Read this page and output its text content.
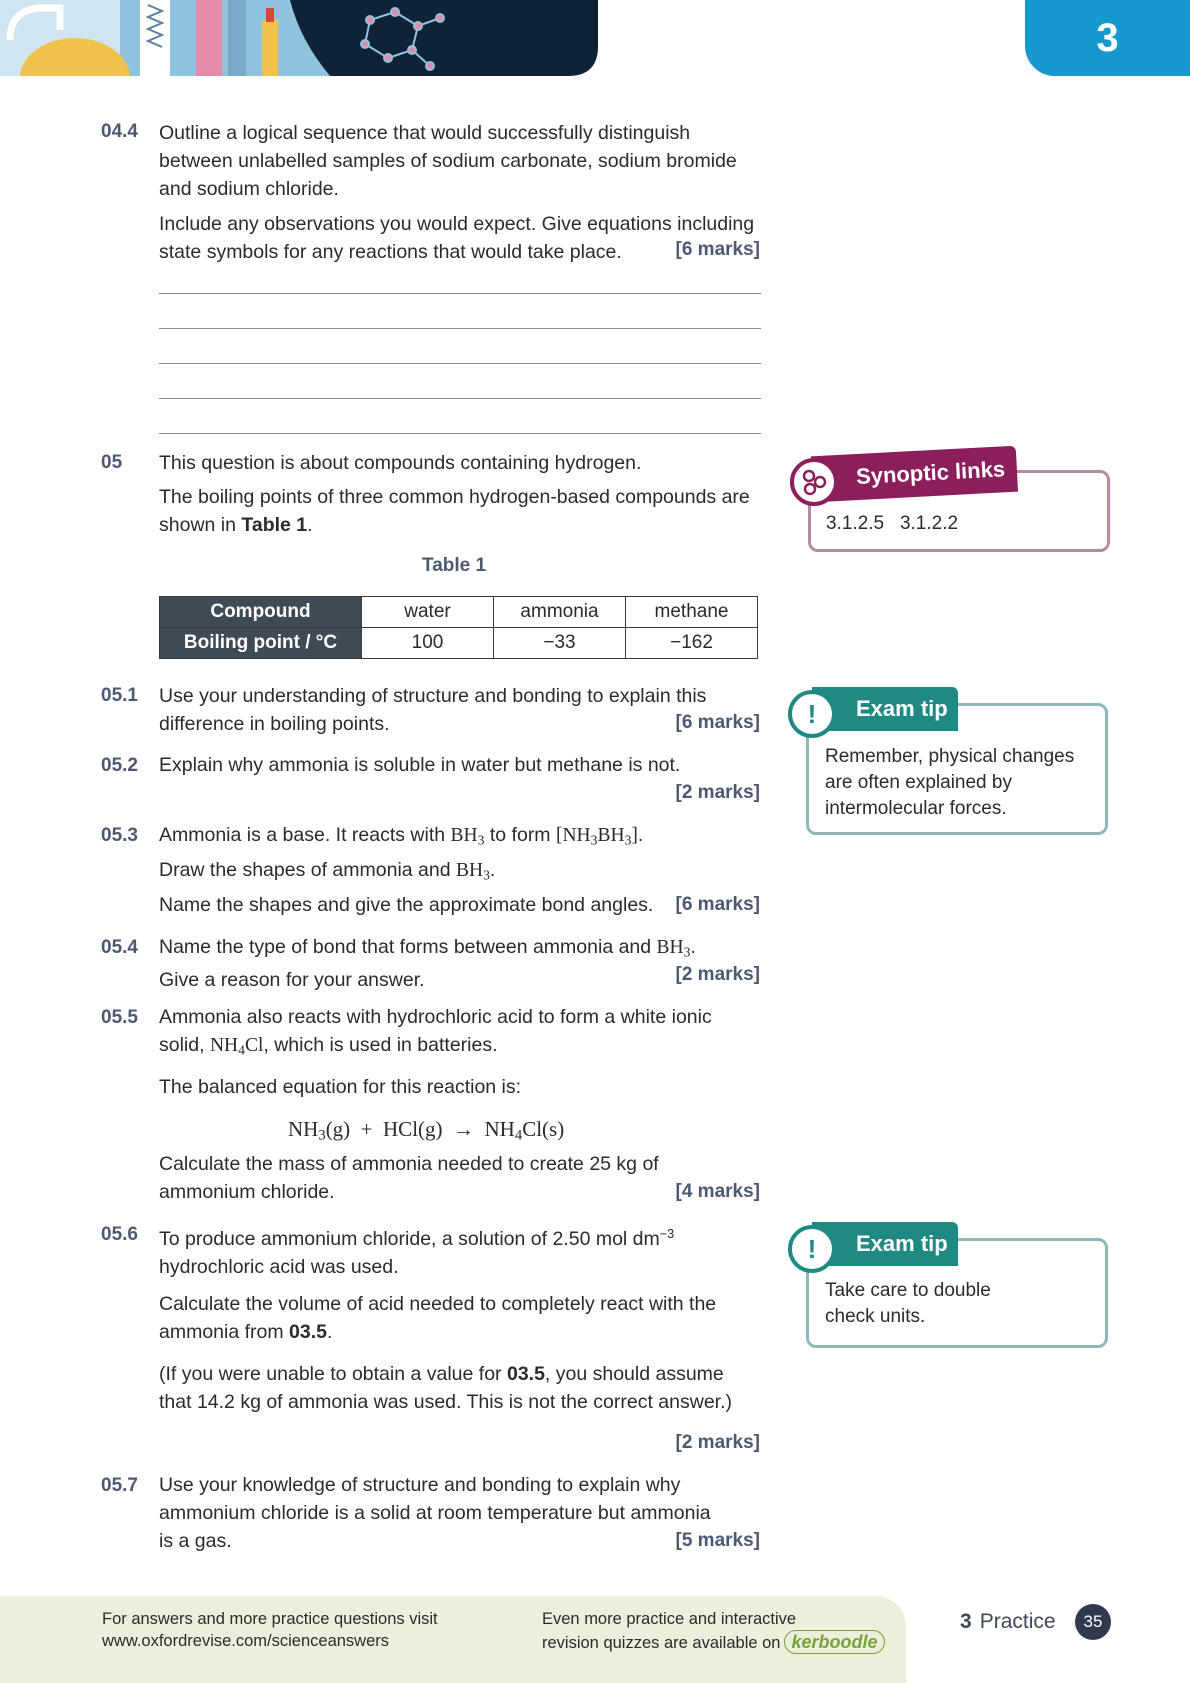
3
04.4 Outline a logical sequence that would successfully distinguish
between unlabelled samples of sodium carbonate, sodium bromide
and sodium chloride.
Include any observations you would expect. Give equations including
state symbols for any reactions that would take place.	[6 marks]
05 This question is about compounds containing hydrogen.
The boiling points of three common hydrogen-based compounds are
shown in Table 1.
Table 1
Compound	water	ammonia	methane
Boiling point / °C	100	−33	−162
05.1 Use your understanding of structure and bonding to explain this
difference in boiling points.	[6 marks]
05.2 Explain why ammonia is soluble in water but methane is not.
[2 marks]
05.3 Ammonia is a base. It reacts with $BH_3$ to form $[NH_3BH_3]$.
Draw the shapes of ammonia and $BH_3$.
Name the shapes and give the approximate bond angles.	[6 marks]
05.4 Name the type of bond that forms between ammonia and $BH_3$.
Give a reason for your answer.	[2 marks]
05.5 Ammonia also reacts with hydrochloric acid to form a white ionic
solid, $NH_4Cl$, which is used in batteries.
The balanced equation for this reaction is:
$NH_3(g) + HCl(g) \to NH_4Cl(s)$
Calculate the mass of ammonia needed to create 25 kg of
ammonium chloride.	[4 marks]
05.6 To produce ammonium chloride, a solution of 2.50 mol $dm^{-3}$
hydrochloric acid was used.
Calculate the volume of acid needed to completely react with the
ammonia from 03.5.
(If you were unable to obtain a value for 03.5, you should assume
that 14.2 kg of ammonia was used. This is not the correct answer.)
[2 marks]
05.7 Use your knowledge of structure and bonding to explain why
ammonium chloride is a solid at room temperature but ammonia
is a gas.	[5 marks]
Synoptic links
3.1.2.5 3.1.2.2
Exam tip
!
Remember, physical changes
are often explained by
intermolecular forces.
Exam tip
!
Take care to double
check units.
For answers and more practice questions visit
www.oxfordrevise.com/scienceanswers
Even more practice and interactive
revision quizzes are available on kerboodle
3 Practice	35
